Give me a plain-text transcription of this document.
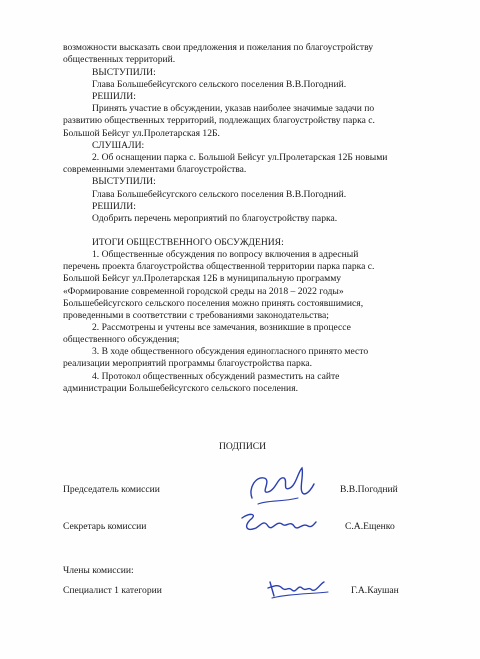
возможности высказать свои предложения и пожелания по благоустройству
общественных территорий.
ВЫСТУПИЛИ:
Глава Большебейсугского сельского поселения В.В.Погодний.
РЕШИЛИ:
Принять участие в обсуждении, указав наиболее значимые задачи по
развитию общественных территорий, подлежащих благоустройству парка с.
Большой Бейсуг ул.Пролетарская 12Б.
СЛУШАЛИ:
2. Об оснащении парка с. Большой Бейсуг ул.Пролетарская 12Б новыми
современными элементами благоустройства.
ВЫСТУПИЛИ:
Глава Большебейсугского сельского поселения В.В.Погодний.
РЕШИЛИ:
Одобрить перечень мероприятий по благоустройству парка.
ИТОГИ ОБЩЕСТВЕННОГО ОБСУЖДЕНИЯ:
1. Общественные обсуждения по вопросу включения в адресный
перечень проекта благоустройства общественной территории парка парка с.
Большой Бейсуг ул.Пролетарская 12Б в муниципальную программу
«Формирование современной городской среды на 2018 – 2022 годы»
Большебейсугского сельского поселения можно принять состоявшимися,
проведенными в соответствии с требованиями законодательства;
2. Рассмотрены и учтены все замечания, возникшие в процессе
общественного обсуждения;
3. В ходе общественного обсуждения единогласного принято место
реализации мероприятий программы благоустройства парка.
4. Протокол общественных обсуждений разместить на сайте
администрации Большебейсугского сельского поселения.
ПОДПИСИ
Председатель комиссии	В.В.Погодний
Секретарь комиссии	С.А.Ещенко
Члены комиссии:
Специалист 1 категории	Г.А.Каушан
